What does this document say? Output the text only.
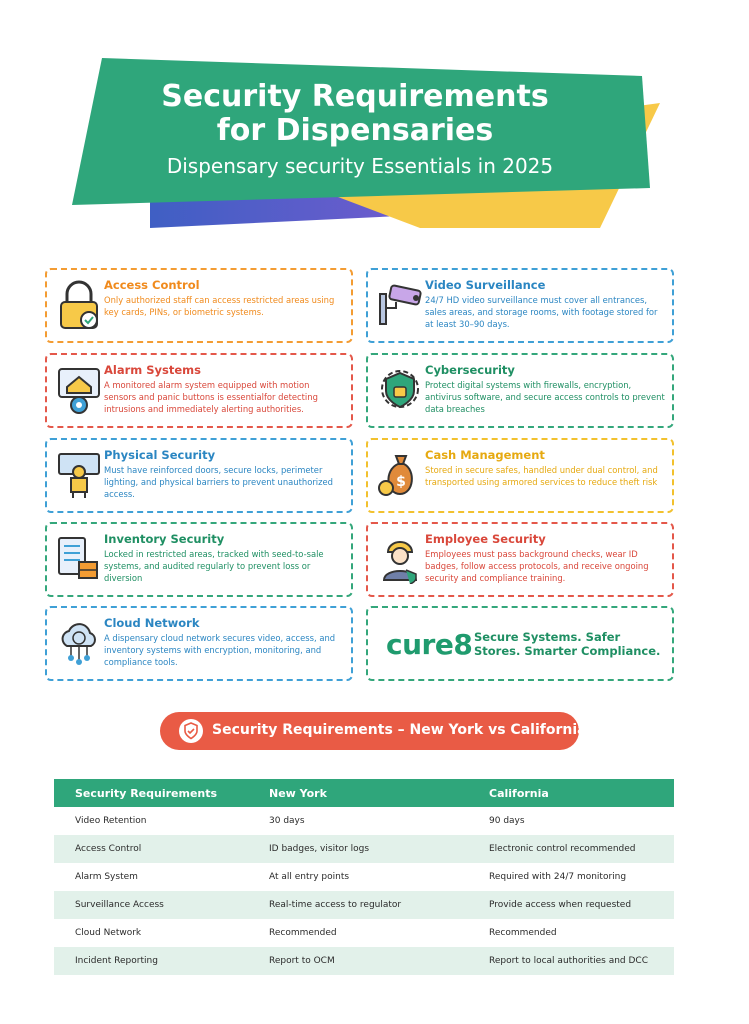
Security Requirements
for Dispensaries
Dispensary security Essentials in 2025
Access Control
Only authorized staff can access restricted areas using key cards, PINs, or biometric systems.
Video Surveillance
24/7 HD video surveillance must cover all entrances, sales areas, and storage rooms, with footage stored for at least 30–90 days.
Alarm Systems
A monitored alarm system equipped with motion sensors and panic buttons is essentialfor detecting intrusions and immediately alerting authorities.
Cybersecurity
Protect digital systems with firewalls, encryption, antivirus software, and secure access controls to prevent data breaches
Physical Security
Must have reinforced doors, secure locks, perimeter lighting, and physical barriers to prevent unauthorized access.
$
Cash Management
Stored in secure safes, handled under dual control, and transported using armored services to reduce theft risk
Inventory Security
Locked in restricted areas, tracked with seed-to-sale systems, and audited regularly to prevent loss or diversion
Employee Security
Employees must pass background checks, wear ID badges, follow access protocols, and receive ongoing security and compliance training.
Cloud Network
A dispensary cloud network secures video, access, and inventory systems with encryption, monitoring, and compliance tools.
cure8 Secure Systems. Safer Stores. Smarter Compliance.
Security Requirements – New York vs California
Security Requirements	New York	California
Video Retention	30 days	90 days
Access Control	ID badges, visitor logs	Electronic control recommended
Alarm System	At all entry points	Required with 24/7 monitoring
Surveillance Access	Real-time access to regulator	Provide access when requested
Cloud Network	Recommended	Recommended
Incident Reporting	Report to OCM	Report to local authorities and DCC
